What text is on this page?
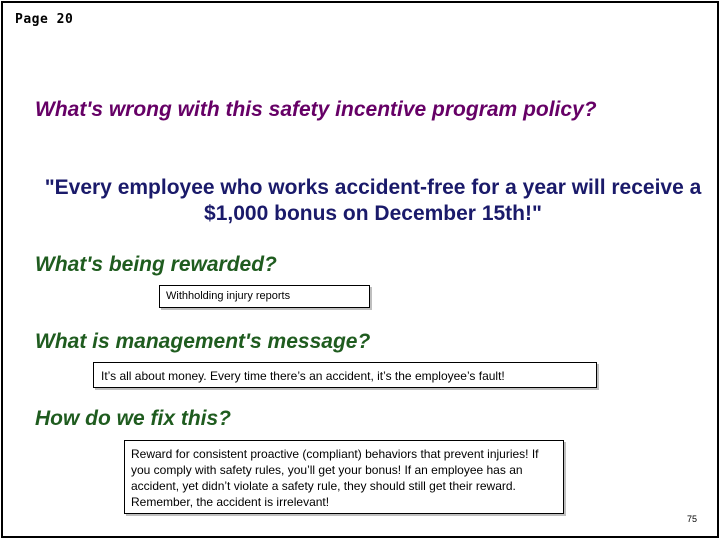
Page 20
What's wrong with this safety incentive program policy?
"Every employee who works accident-free for a year will receive a $1,000 bonus on December 15th!"
What's being rewarded?
Withholding injury reports
What is management's message?
It’s all about money. Every time there’s an accident, it’s the employee’s fault!
How do we fix this?
Reward for consistent proactive (compliant) behaviors that prevent injuries! If you comply with safety rules, you’ll get your bonus! If an employee has an accident, yet didn’t violate a safety rule, they should still get their reward. Remember, the accident is irrelevant!
75
